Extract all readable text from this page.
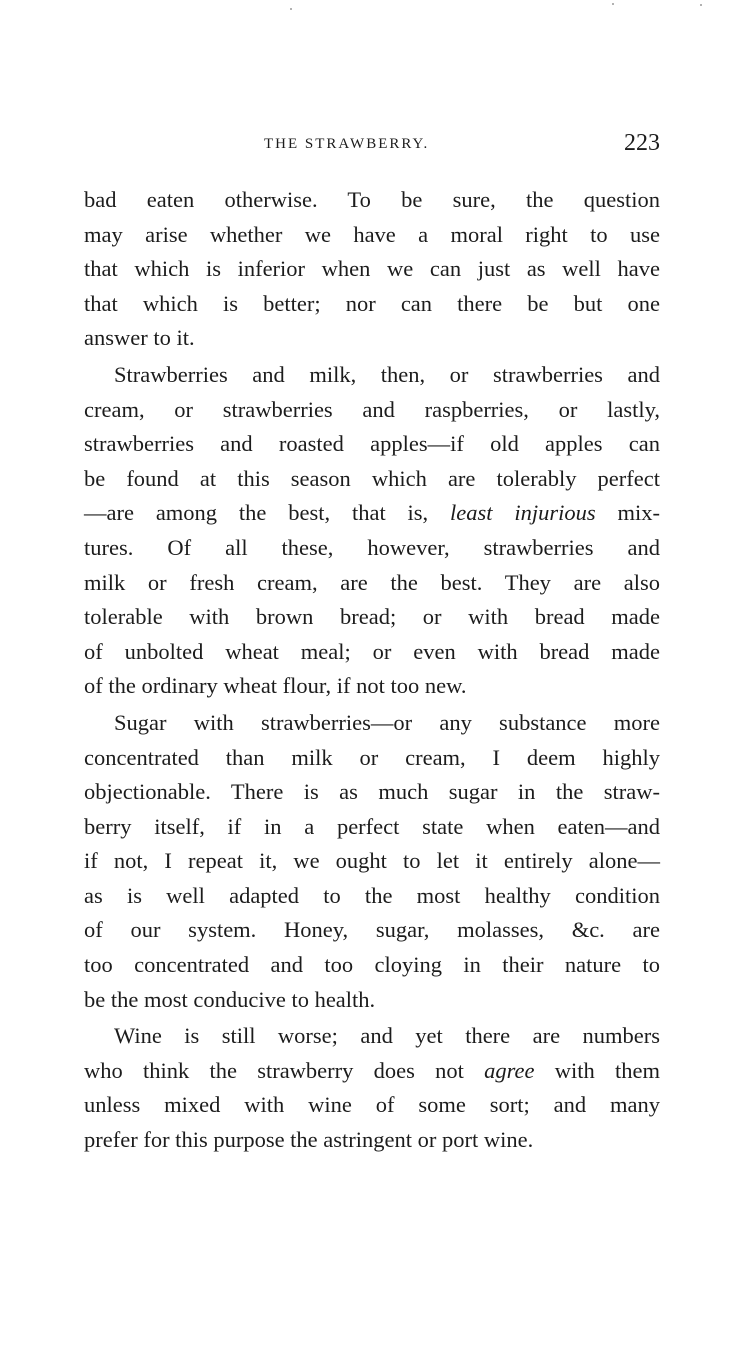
THE STRAWBERRY.	223
bad eaten otherwise. To be sure, the question
may arise whether we have a moral right to use
that which is inferior when we can just as well have
that which is better; nor can there be but one
answer to it.
Strawberries and milk, then, or strawberries and
cream, or strawberries and raspberries, or lastly,
strawberries and roasted apples—if old apples can
be found at this season which are tolerably perfect
—are among the best, that is, least injurious mix-
tures. Of all these, however, strawberries and
milk or fresh cream, are the best. They are also
tolerable with brown bread; or with bread made
of unbolted wheat meal; or even with bread made
of the ordinary wheat flour, if not too new.
Sugar with strawberries—or any substance more
concentrated than milk or cream, I deem highly
objectionable. There is as much sugar in the straw-
berry itself, if in a perfect state when eaten—and
if not, I repeat it, we ought to let it entirely alone—
as is well adapted to the most healthy condition
of our system. Honey, sugar, molasses, &c. are
too concentrated and too cloying in their nature to
be the most conducive to health.
Wine is still worse; and yet there are numbers
who think the strawberry does not agree with them
unless mixed with wine of some sort; and many
prefer for this purpose the astringent or port wine.
